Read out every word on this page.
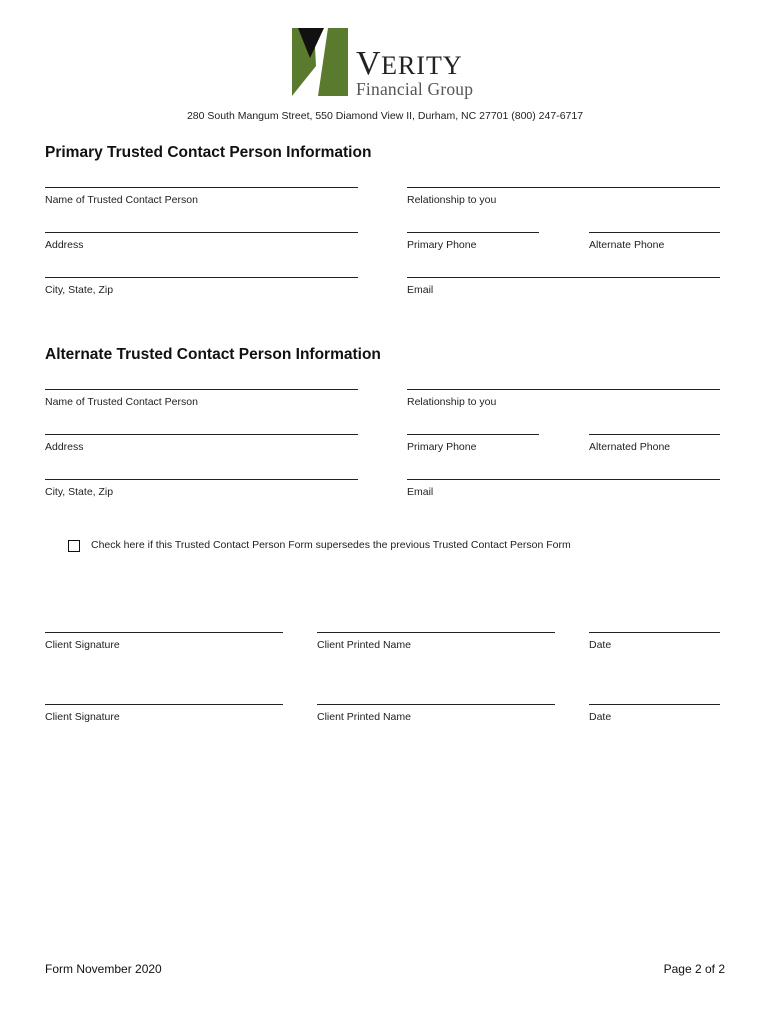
VERITY
Financial Group
280 South Mangum Street, 550 Diamond View II, Durham, NC 27701 (800) 247-6717
Primary Trusted Contact Person Information
Name of Trusted Contact Person	Relationship to you
Address	Primary Phone	Alternate Phone
City, State, Zip	Email
Alternate Trusted Contact Person Information
Name of Trusted Contact Person	Relationship to you
Address	Primary Phone	Alternated Phone
City, State, Zip	Email
Check here if this Trusted Contact Person Form supersedes the previous Trusted Contact Person Form
Client Signature	Client Printed Name	Date
Client Signature	Client Printed Name	Date
Form November 2020	Page 2 of 2
